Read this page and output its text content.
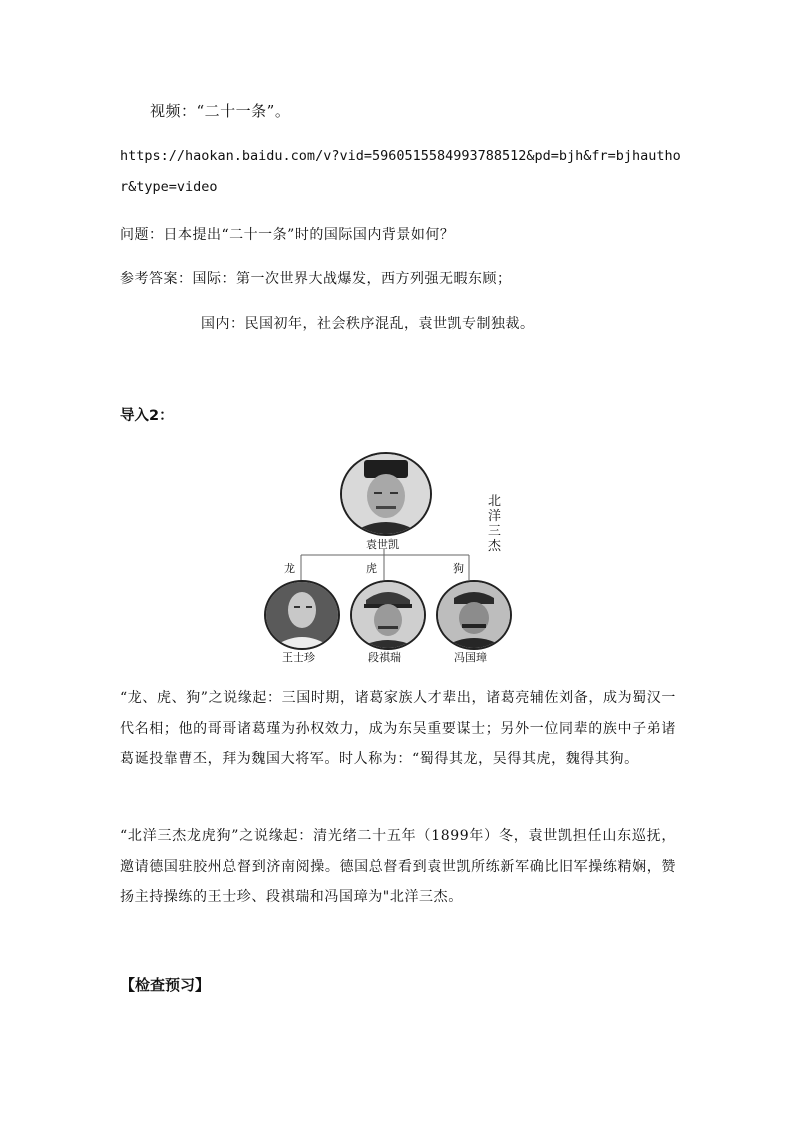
视频：“二十一条”。
https://haokan.baidu.com/v?vid=5960515584993788512&pd=bjh&fr=bjhautho
r&type=video
问题：日本提出“二十一条”时的国际国内背景如何？
参考答案：国际：第一次世界大战爆发，西方列强无暇东顾；
国内：民国初年，社会秩序混乱，袁世凯专制独裁。
导入2：
袁世凯
北洋三杰
龙	虎	狗
王士珍	段祺瑞	冯国璋
“龙、虎、狗”之说缘起：三国时期，诸葛家族人才辈出，诸葛亮辅佐刘备，成为蜀汉一代名相；他的哥哥诸葛瑾为孙权效力，成为东吴重要谋士；另外一位同辈的族中子弟诸葛诞投靠曹丕，拜为魏国大将军。时人称为：“蜀得其龙，吴得其虎，魏得其狗。
“北洋三杰龙虎狗”之说缘起：清光绪二十五年（1899年）冬，袁世凯担任山东巡抚，邀请德国驻胶州总督到济南阅操。德国总督看到袁世凯所练新军确比旧军操练精娴，赞扬主持操练的王士珍、段祺瑞和冯国璋为"北洋三杰。
【检查预习】
